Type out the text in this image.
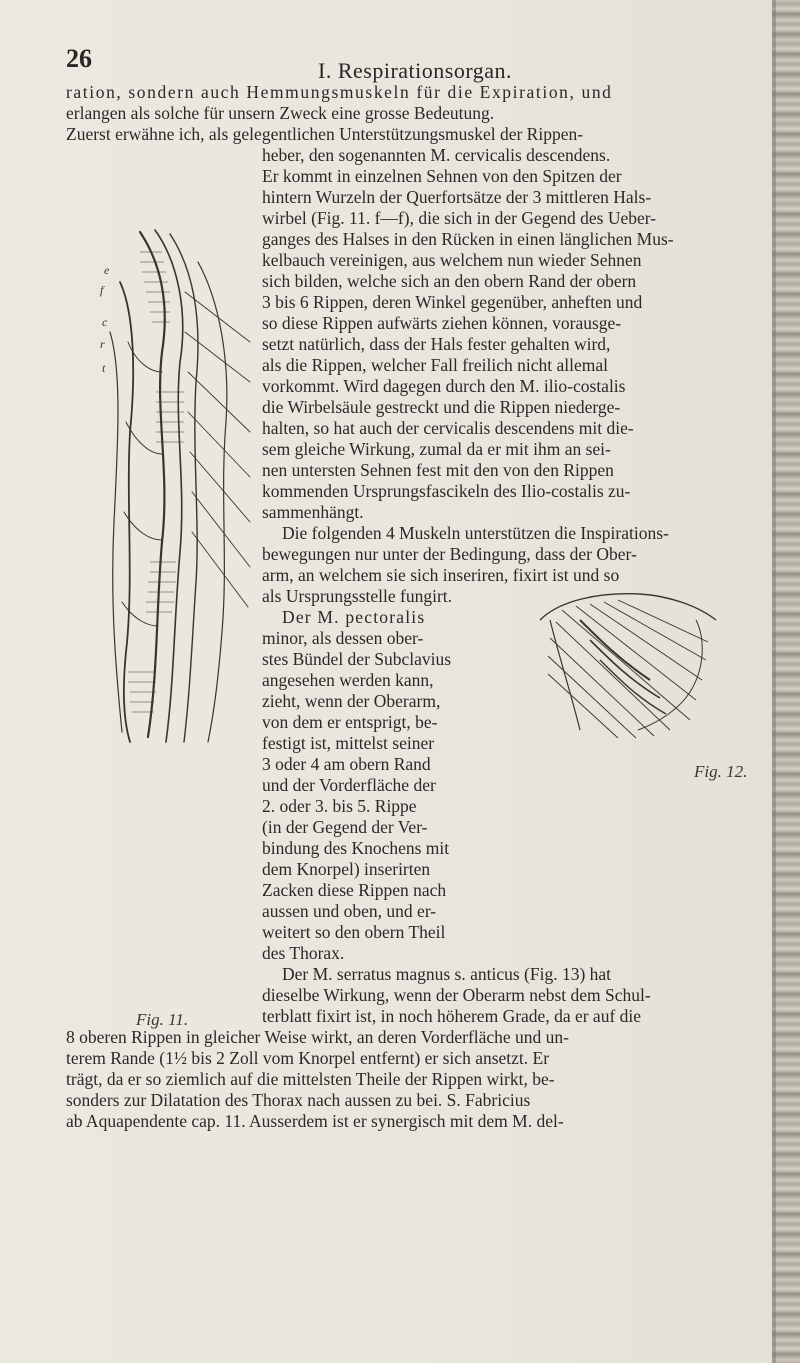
26	I. Respirationsorgan.
ration, sondern auch Hemmungsmuskeln für die Expiration, und
erlangen als solche für unsern Zweck eine grosse Bedeutung.
Zuerst erwähne ich, als gelegentlichen Unterstützungsmuskel der Rippen-
heber, den sogenannten M. cervicalis descendens.
Er kommt in einzelnen Sehnen von den Spitzen der
hintern Wurzeln der Querfortsätze der 3 mittleren Hals-
wirbel (Fig. 11. f—f), die sich in der Gegend des Ueber-
ganges des Halses in den Rücken in einen länglichen Mus-
kelbauch vereinigen, aus welchem nun wieder Sehnen
sich bilden, welche sich an den obern Rand der obern
3 bis 6 Rippen, deren Winkel gegenüber, anheften und
so diese Rippen aufwärts ziehen können, vorausge-
setzt natürlich, dass der Hals fester gehalten wird,
als die Rippen, welcher Fall freilich nicht allemal
vorkommt. Wird dagegen durch den M. ilio-costalis
die Wirbelsäule gestreckt und die Rippen niederge-
halten, so hat auch der cervicalis descendens mit die-
sem gleiche Wirkung, zumal da er mit ihm an sei-
nen untersten Sehnen fest mit den von den Rippen
kommenden Ursprungsfascikeln des Ilio-costalis zu-
sammenhängt.
Die folgenden 4 Muskeln unterstützen die Inspirations-
bewegungen nur unter der Bedingung, dass der Ober-
arm, an welchem sie sich inseriren, fixirt ist und so
als Ursprungsstelle fungirt.
Der M. pectoralis
minor, als dessen ober-
stes Bündel der Subclavius
angesehen werden kann,
zieht, wenn der Oberarm,
von dem er entsprigt, be-
festigt ist, mittelst seiner
3 oder 4 am obern Rand
und der Vorderfläche der
2. oder 3. bis 5. Rippe
(in der Gegend der Ver-
bindung des Knochens mit
dem Knorpel) inserirten
Zacken diese Rippen nach
aussen und oben, und er-
weitert so den obern Theil
des Thorax.
Der M. serratus magnus s. anticus (Fig. 13) hat
dieselbe Wirkung, wenn der Oberarm nebst dem Schul-
terblatt fixirt ist, in noch höherem Grade, da er auf die
8 oberen Rippen in gleicher Weise wirkt, an deren Vorderfläche und un-
terem Rande (1½ bis 2 Zoll vom Knorpel entfernt) er sich ansetzt. Er
trägt, da er so ziemlich auf die mittelsten Theile der Rippen wirkt, be-
sonders zur Dilatation des Thorax nach aussen zu bei. S. Fabricius
ab Aquapendente cap. 11. Ausserdem ist er synergisch mit dem M. del-
e
f
c
r
t
Fig. 11.
Fig. 12.
